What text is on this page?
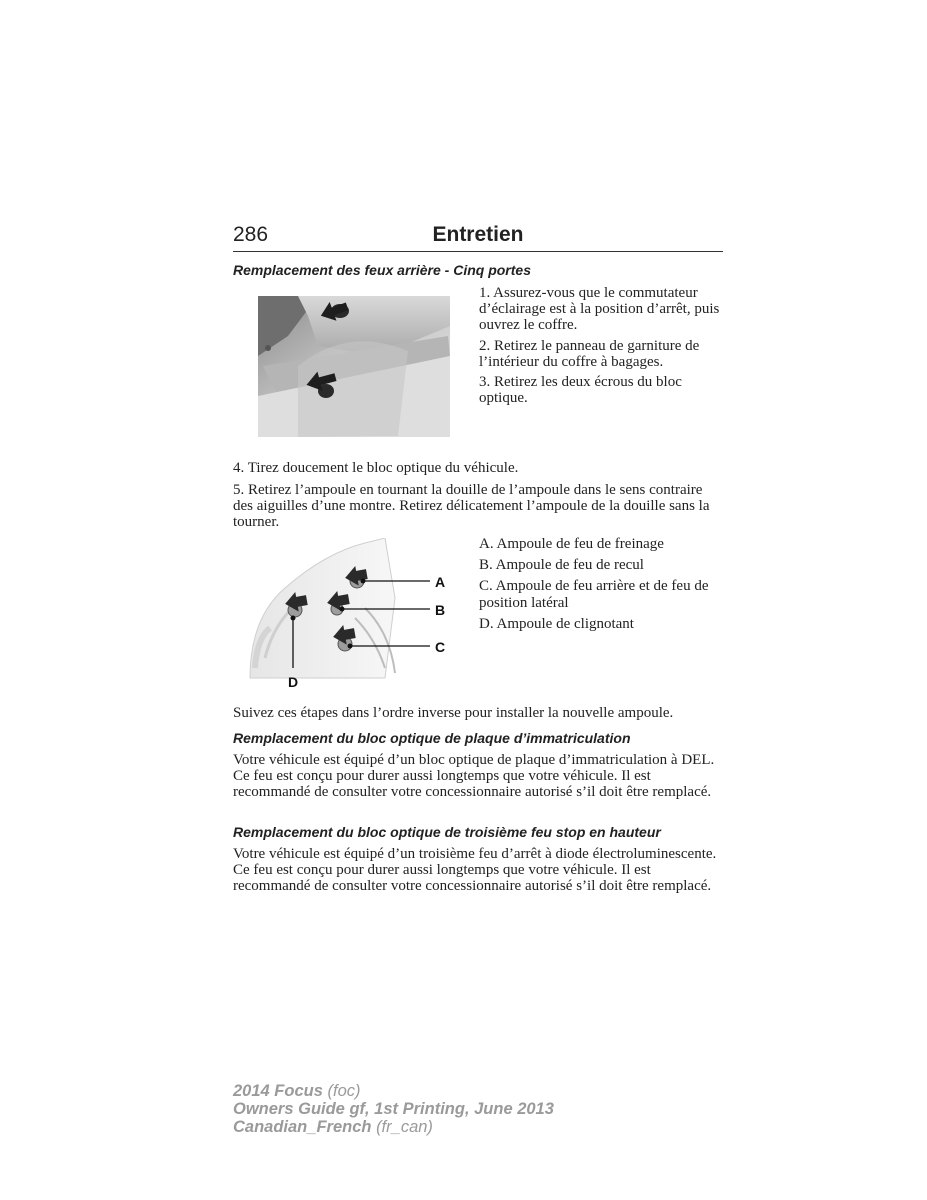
286	Entretien
Remplacement des feux arrière - Cinq portes

1. Assurez-vous que le commutateur d’éclairage est à la position d’arrêt, puis ouvrez le coffre.

2. Retirez le panneau de garniture de l’intérieur du coffre à bagages.

3. Retirez les deux écrous du bloc optique.

4. Tirez doucement le bloc optique du véhicule.
5. Retirez l’ampoule en tournant la douille de l’ampoule dans le sens contraire des aiguilles d’une montre. Retirez délicatement l’ampoule de la douille sans la tourner.
A
B
C
D

A. Ampoule de feu de freinage

B. Ampoule de feu de recul

C. Ampoule de feu arrière et de feu de position latéral

D. Ampoule de clignotant

Suivez ces étapes dans l’ordre inverse pour installer la nouvelle ampoule.
Remplacement du bloc optique de plaque d’immatriculation
Votre véhicule est équipé d’un bloc optique de plaque d’immatriculation à DEL. Ce feu est conçu pour durer aussi longtemps que votre véhicule. Il est recommandé de consulter votre concessionnaire autorisé s’il doit être remplacé.
Remplacement du bloc optique de troisième feu stop en hauteur
Votre véhicule est équipé d’un troisième feu d’arrêt à diode électroluminescente. Ce feu est conçu pour durer aussi longtemps que votre véhicule. Il est recommandé de consulter votre concessionnaire autorisé s’il doit être remplacé.
2014 Focus (foc)
Owners Guide gf, 1st Printing, June 2013
Canadian_French (fr_can)
